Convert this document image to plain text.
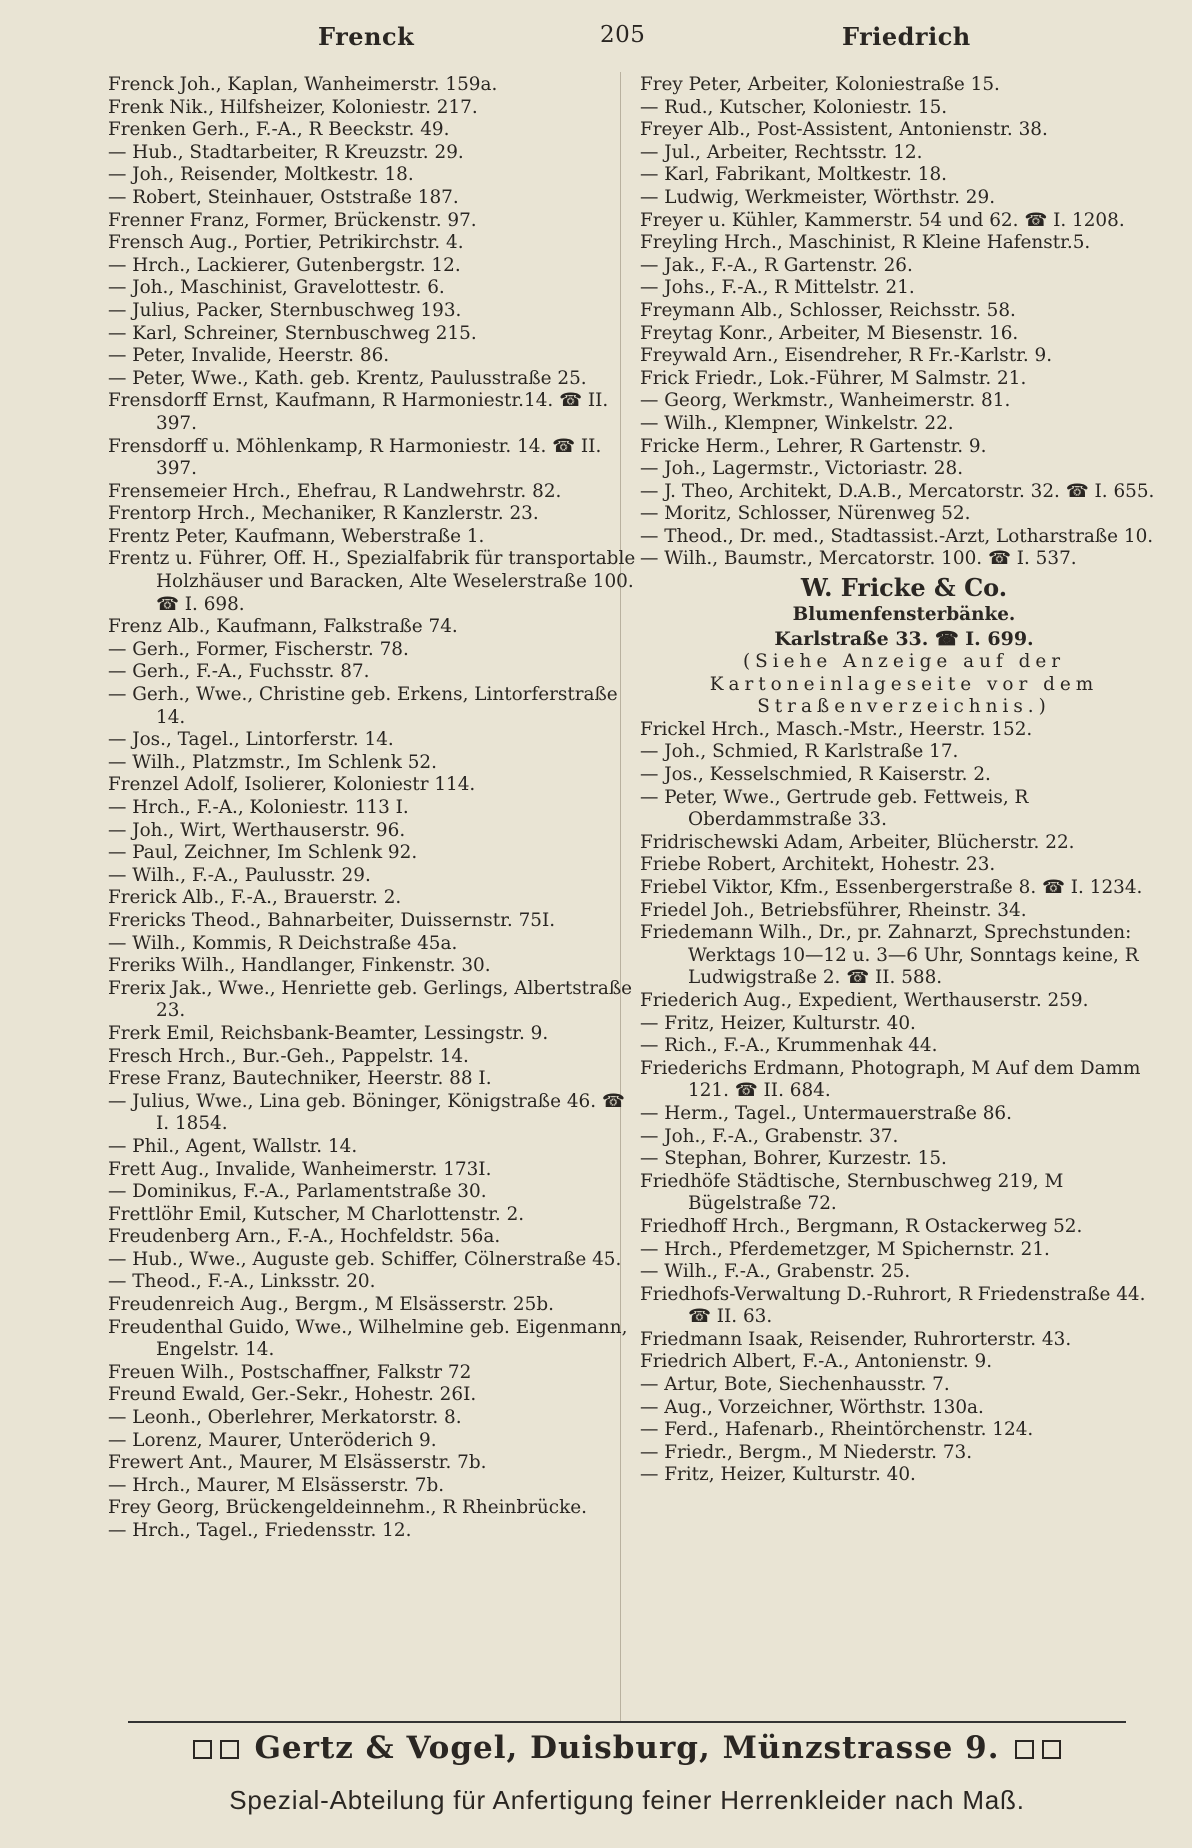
Frenck	205	Friedrich
Frenck Joh., Kaplan, Wanheimerstr. 159a.
Frenk Nik., Hilfsheizer, Koloniestr. 217.
Frenken Gerh., F.-A., R Beeckstr. 49.
— Hub., Stadtarbeiter, R Kreuzstr. 29.
— Joh., Reisender, Moltkestr. 18.
— Robert, Steinhauer, Oststraße 187.
Frenner Franz, Former, Brückenstr. 97.
Frensch Aug., Portier, Petrikirchstr. 4.
— Hrch., Lackierer, Gutenbergstr. 12.
— Joh., Maschinist, Gravelottestr. 6.
— Julius, Packer, Sternbuschweg 193.
— Karl, Schreiner, Sternbuschweg 215.
— Peter, Invalide, Heerstr. 86.
— Peter, Wwe., Kath. geb. Krentz, Paulusstraße 25.
Frensdorff Ernst, Kaufmann, R Harmoniestr.14. ☎ II. 397.
Frensdorff u. Möhlenkamp, R Harmoniestr. 14. ☎ II. 397.
Frensemeier Hrch., Ehefrau, R Landwehrstr. 82.
Frentorp Hrch., Mechaniker, R Kanzlerstr. 23.
Frentz Peter, Kaufmann, Weberstraße 1.
Frentz u. Führer, Off. H., Spezialfabrik für transportable Holzhäuser und Baracken, Alte Weselerstraße 100. ☎ I. 698.
Frenz Alb., Kaufmann, Falkstraße 74.
— Gerh., Former, Fischerstr. 78.
— Gerh., F.-A., Fuchsstr. 87.
— Gerh., Wwe., Christine geb. Erkens, Lintorferstraße 14.
— Jos., Tagel., Lintorferstr. 14.
— Wilh., Platzmstr., Im Schlenk 52.
Frenzel Adolf, Isolierer, Koloniestr 114.
— Hrch., F.-A., Koloniestr. 113 I.
— Joh., Wirt, Werthauserstr. 96.
— Paul, Zeichner, Im Schlenk 92.
— Wilh., F.-A., Paulusstr. 29.
Frerick Alb., F.-A., Brauerstr. 2.
Frericks Theod., Bahnarbeiter, Duissernstr. 75I.
— Wilh., Kommis, R Deichstraße 45a.
Freriks Wilh., Handlanger, Finkenstr. 30.
Frerix Jak., Wwe., Henriette geb. Gerlings, Albertstraße 23.
Frerk Emil, Reichsbank-Beamter, Lessingstr. 9.
Fresch Hrch., Bur.-Geh., Pappelstr. 14.
Frese Franz, Bautechniker, Heerstr. 88 I.
— Julius, Wwe., Lina geb. Böninger, Königstraße 46. ☎ I. 1854.
— Phil., Agent, Wallstr. 14.
Frett Aug., Invalide, Wanheimerstr. 173I.
— Dominikus, F.-A., Parlamentstraße 30.
Frettlöhr Emil, Kutscher, M Charlottenstr. 2.
Freudenberg Arn., F.-A., Hochfeldstr. 56a.
— Hub., Wwe., Auguste geb. Schiffer, Cölnerstraße 45.
— Theod., F.-A., Linksstr. 20.
Freudenreich Aug., Bergm., M Elsässerstr. 25b.
Freudenthal Guido, Wwe., Wilhelmine geb. Eigenmann, Engelstr. 14.
Freuen Wilh., Postschaffner, Falkstr 72
Freund Ewald, Ger.-Sekr., Hohestr. 26I.
— Leonh., Oberlehrer, Merkatorstr. 8.
— Lorenz, Maurer, Unteröderich 9.
Frewert Ant., Maurer, M Elsässerstr. 7b.
— Hrch., Maurer, M Elsässerstr. 7b.
Frey Georg, Brückengeldeinnehm., R Rheinbrücke.
— Hrch., Tagel., Friedensstr. 12.
Frey Peter, Arbeiter, Koloniestraße 15.
— Rud., Kutscher, Koloniestr. 15.
Freyer Alb., Post-Assistent, Antonienstr. 38.
— Jul., Arbeiter, Rechtsstr. 12.
— Karl, Fabrikant, Moltkestr. 18.
— Ludwig, Werkmeister, Wörthstr. 29.
Freyer u. Kühler, Kammerstr. 54 und 62. ☎ I. 1208.
Freyling Hrch., Maschinist, R Kleine Hafenstr.5.
— Jak., F.-A., R Gartenstr. 26.
— Johs., F.-A., R Mittelstr. 21.
Freymann Alb., Schlosser, Reichsstr. 58.
Freytag Konr., Arbeiter, M Biesenstr. 16.
Freywald Arn., Eisendreher, R Fr.-Karlstr. 9.
Frick Friedr., Lok.-Führer, M Salmstr. 21.
— Georg, Werkmstr., Wanheimerstr. 81.
— Wilh., Klempner, Winkelstr. 22.
Fricke Herm., Lehrer, R Gartenstr. 9.
— Joh., Lagermstr., Victoriastr. 28.
— J. Theo, Architekt, D.A.B., Mercatorstr. 32. ☎ I. 655.
— Moritz, Schlosser, Nürenweg 52.
— Theod., Dr. med., Stadtassist.-Arzt, Lotharstraße 10.
— Wilh., Baumstr., Mercatorstr. 100. ☎ I. 537.
W. Fricke & Co.
Blumenfensterbänke.
Karlstraße 33. ☎ I. 699.
(Siehe Anzeige auf der Kartoneinlageseite vor dem Straßenverzeichnis.)
Frickel Hrch., Masch.-Mstr., Heerstr. 152.
— Joh., Schmied, R Karlstraße 17.
— Jos., Kesselschmied, R Kaiserstr. 2.
— Peter, Wwe., Gertrude geb. Fettweis, R Oberdammstraße 33.
Fridrischewski Adam, Arbeiter, Blücherstr. 22.
Friebe Robert, Architekt, Hohestr. 23.
Friebel Viktor, Kfm., Essenbergerstraße 8. ☎ I. 1234.
Friedel Joh., Betriebsführer, Rheinstr. 34.
Friedemann Wilh., Dr., pr. Zahnarzt, Sprechstunden: Werktags 10—12 u. 3—6 Uhr, Sonntags keine, R Ludwigstraße 2. ☎ II. 588.
Friederich Aug., Expedient, Werthauserstr. 259.
— Fritz, Heizer, Kulturstr. 40.
— Rich., F.-A., Krummenhak 44.
Friederichs Erdmann, Photograph, M Auf dem Damm 121. ☎ II. 684.
— Herm., Tagel., Untermauerstraße 86.
— Joh., F.-A., Grabenstr. 37.
— Stephan, Bohrer, Kurzestr. 15.
Friedhöfe Städtische, Sternbuschweg 219, M Bügelstraße 72.
Friedhoff Hrch., Bergmann, R Ostackerweg 52.
— Hrch., Pferdemetzger, M Spichernstr. 21.
— Wilh., F.-A., Grabenstr. 25.
Friedhofs-Verwaltung D.-Ruhrort, R Friedenstraße 44. ☎ II. 63.
Friedmann Isaak, Reisender, Ruhrorterstr. 43.
Friedrich Albert, F.-A., Antonienstr. 9.
— Artur, Bote, Siechenhausstr. 7.
— Aug., Vorzeichner, Wörthstr. 130a.
— Ferd., Hafenarb., Rheintörchenstr. 124.
— Friedr., Bergm., M Niederstr. 73.
— Fritz, Heizer, Kulturstr. 40.
Gertz & Vogel, Duisburg, Münzstrasse 9.
Spezial-Abteilung für Anfertigung feiner Herrenkleider nach Maß.
